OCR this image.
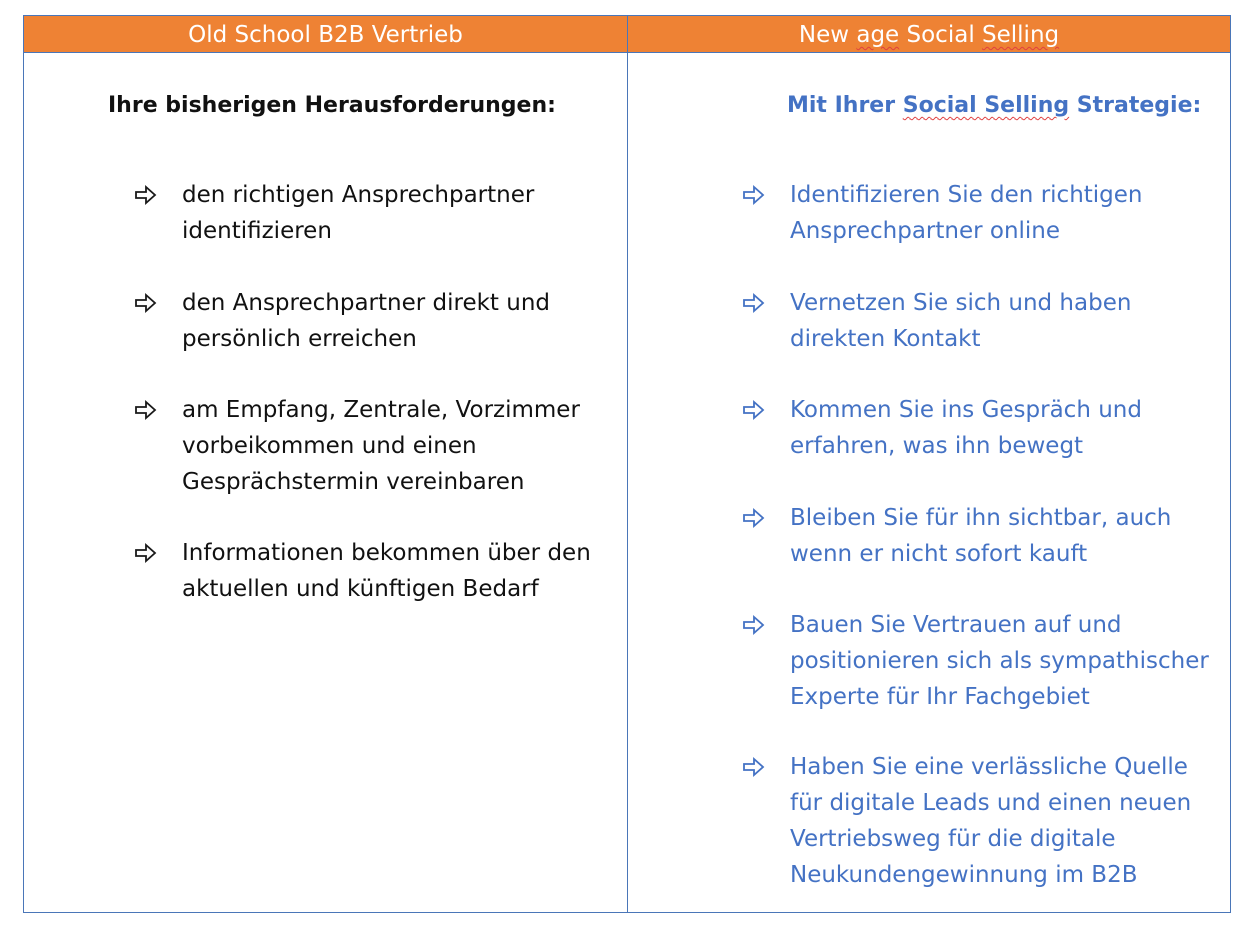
Old School B2B Vertrieb	New age Social Selling
Ihre bisherigen Herausforderungen:
den richtigen Ansprechpartner
identifizieren
den Ansprechpartner direkt und
persönlich erreichen
am Empfang, Zentrale, Vorzimmer
vorbeikommen und einen
Gesprächstermin vereinbaren
Informationen bekommen über den
aktuellen und künftigen Bedarf
Mit Ihrer Social Selling Strategie:
Identifizieren Sie den richtigen
Ansprechpartner online
Vernetzen Sie sich und haben
direkten Kontakt
Kommen Sie ins Gespräch und
erfahren, was ihn bewegt
Bleiben Sie für ihn sichtbar, auch
wenn er nicht sofort kauft
Bauen Sie Vertrauen auf und
positionieren sich als sympathischer
Experte für Ihr Fachgebiet
Haben Sie eine verlässliche Quelle
für digitale Leads und einen neuen
Vertriebsweg für die digitale
Neukundengewinnung im B2B
